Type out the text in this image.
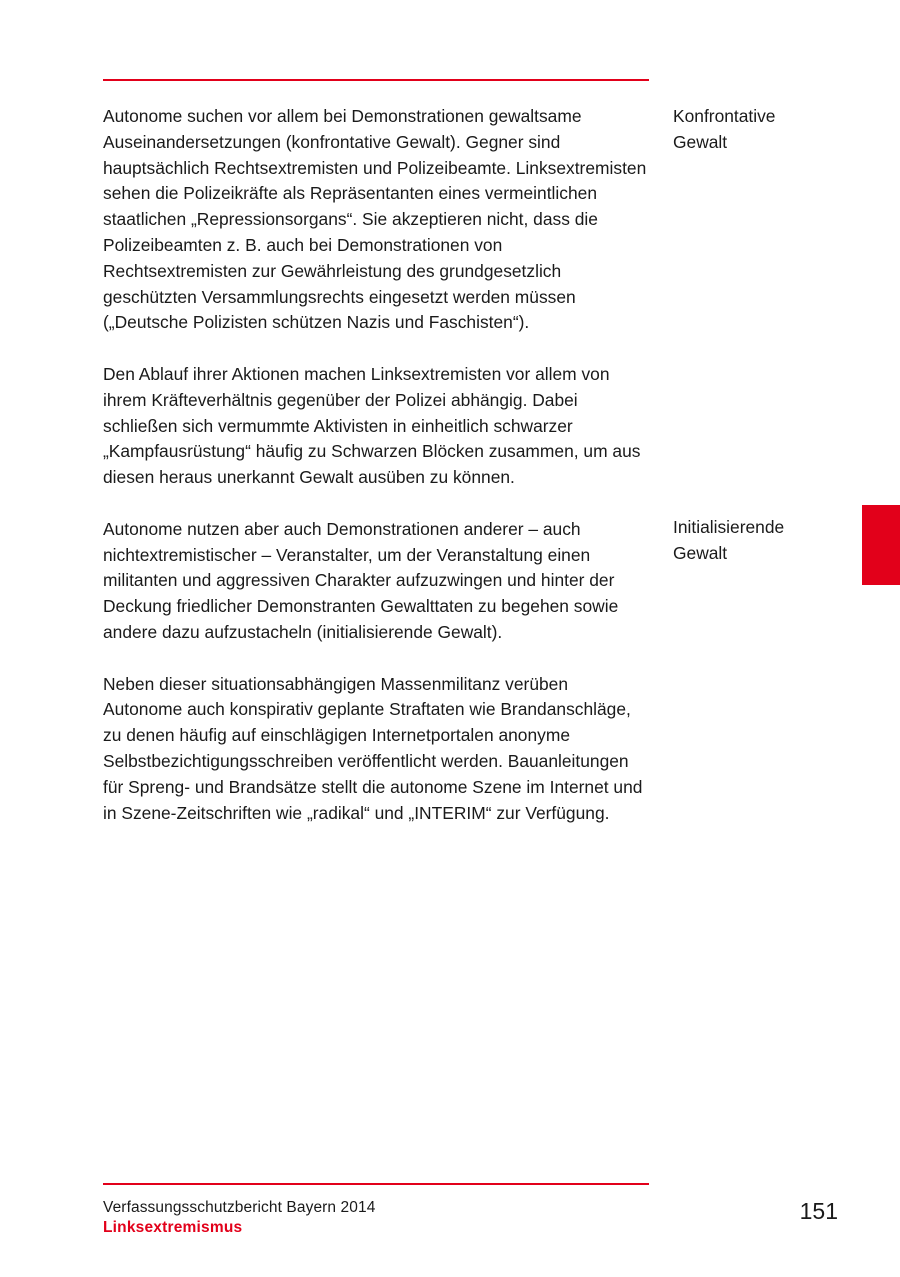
Autonome suchen vor allem bei Demonstrationen gewaltsame Auseinandersetzungen (konfrontative Gewalt). Gegner sind hauptsächlich Rechtsextremisten und Polizeibeamte. Linksextremisten sehen die Polizeikräfte als Repräsentanten eines vermeintlichen staatlichen „Repressionsorgans“. Sie akzeptieren nicht, dass die Polizeibeamten z. B. auch bei Demonstrationen von Rechtsextremisten zur Gewährleistung des grundgesetzlich geschützten Versammlungsrechts eingesetzt werden müssen („Deutsche Polizisten schützen Nazis und Faschisten“).

Den Ablauf ihrer Aktionen machen Linksextremisten vor allem von ihrem Kräfteverhältnis gegenüber der Polizei abhängig. Dabei schließen sich vermummte Aktivisten in einheitlich schwarzer „Kampfausrüstung“ häufig zu Schwarzen Blöcken zusammen, um aus diesen heraus unerkannt Gewalt ausüben zu können.

Autonome nutzen aber auch Demonstrationen anderer – auch nichtextremistischer – Veranstalter, um der Veranstaltung einen militanten und aggressiven Charakter aufzuzwingen und hinter der Deckung friedlicher Demonstranten Gewalttaten zu begehen sowie andere dazu aufzustacheln (initialisierende Gewalt).

Neben dieser situationsabhängigen Massenmilitanz verüben Autonome auch konspirativ geplante Straftaten wie Brandanschläge, zu denen häufig auf einschlägigen Internetportalen anonyme Selbstbezichtigungsschreiben veröffentlicht werden. Bauanleitungen für Spreng- und Brandsätze stellt die autonome Szene im Internet und in Szene-Zeitschriften wie „radikal“ und „INTERIM“ zur Verfügung.

Konfrontative
Gewalt
Initialisierende
Gewalt
Verfassungsschutzbericht Bayern 2014
Linksextremismus
151
